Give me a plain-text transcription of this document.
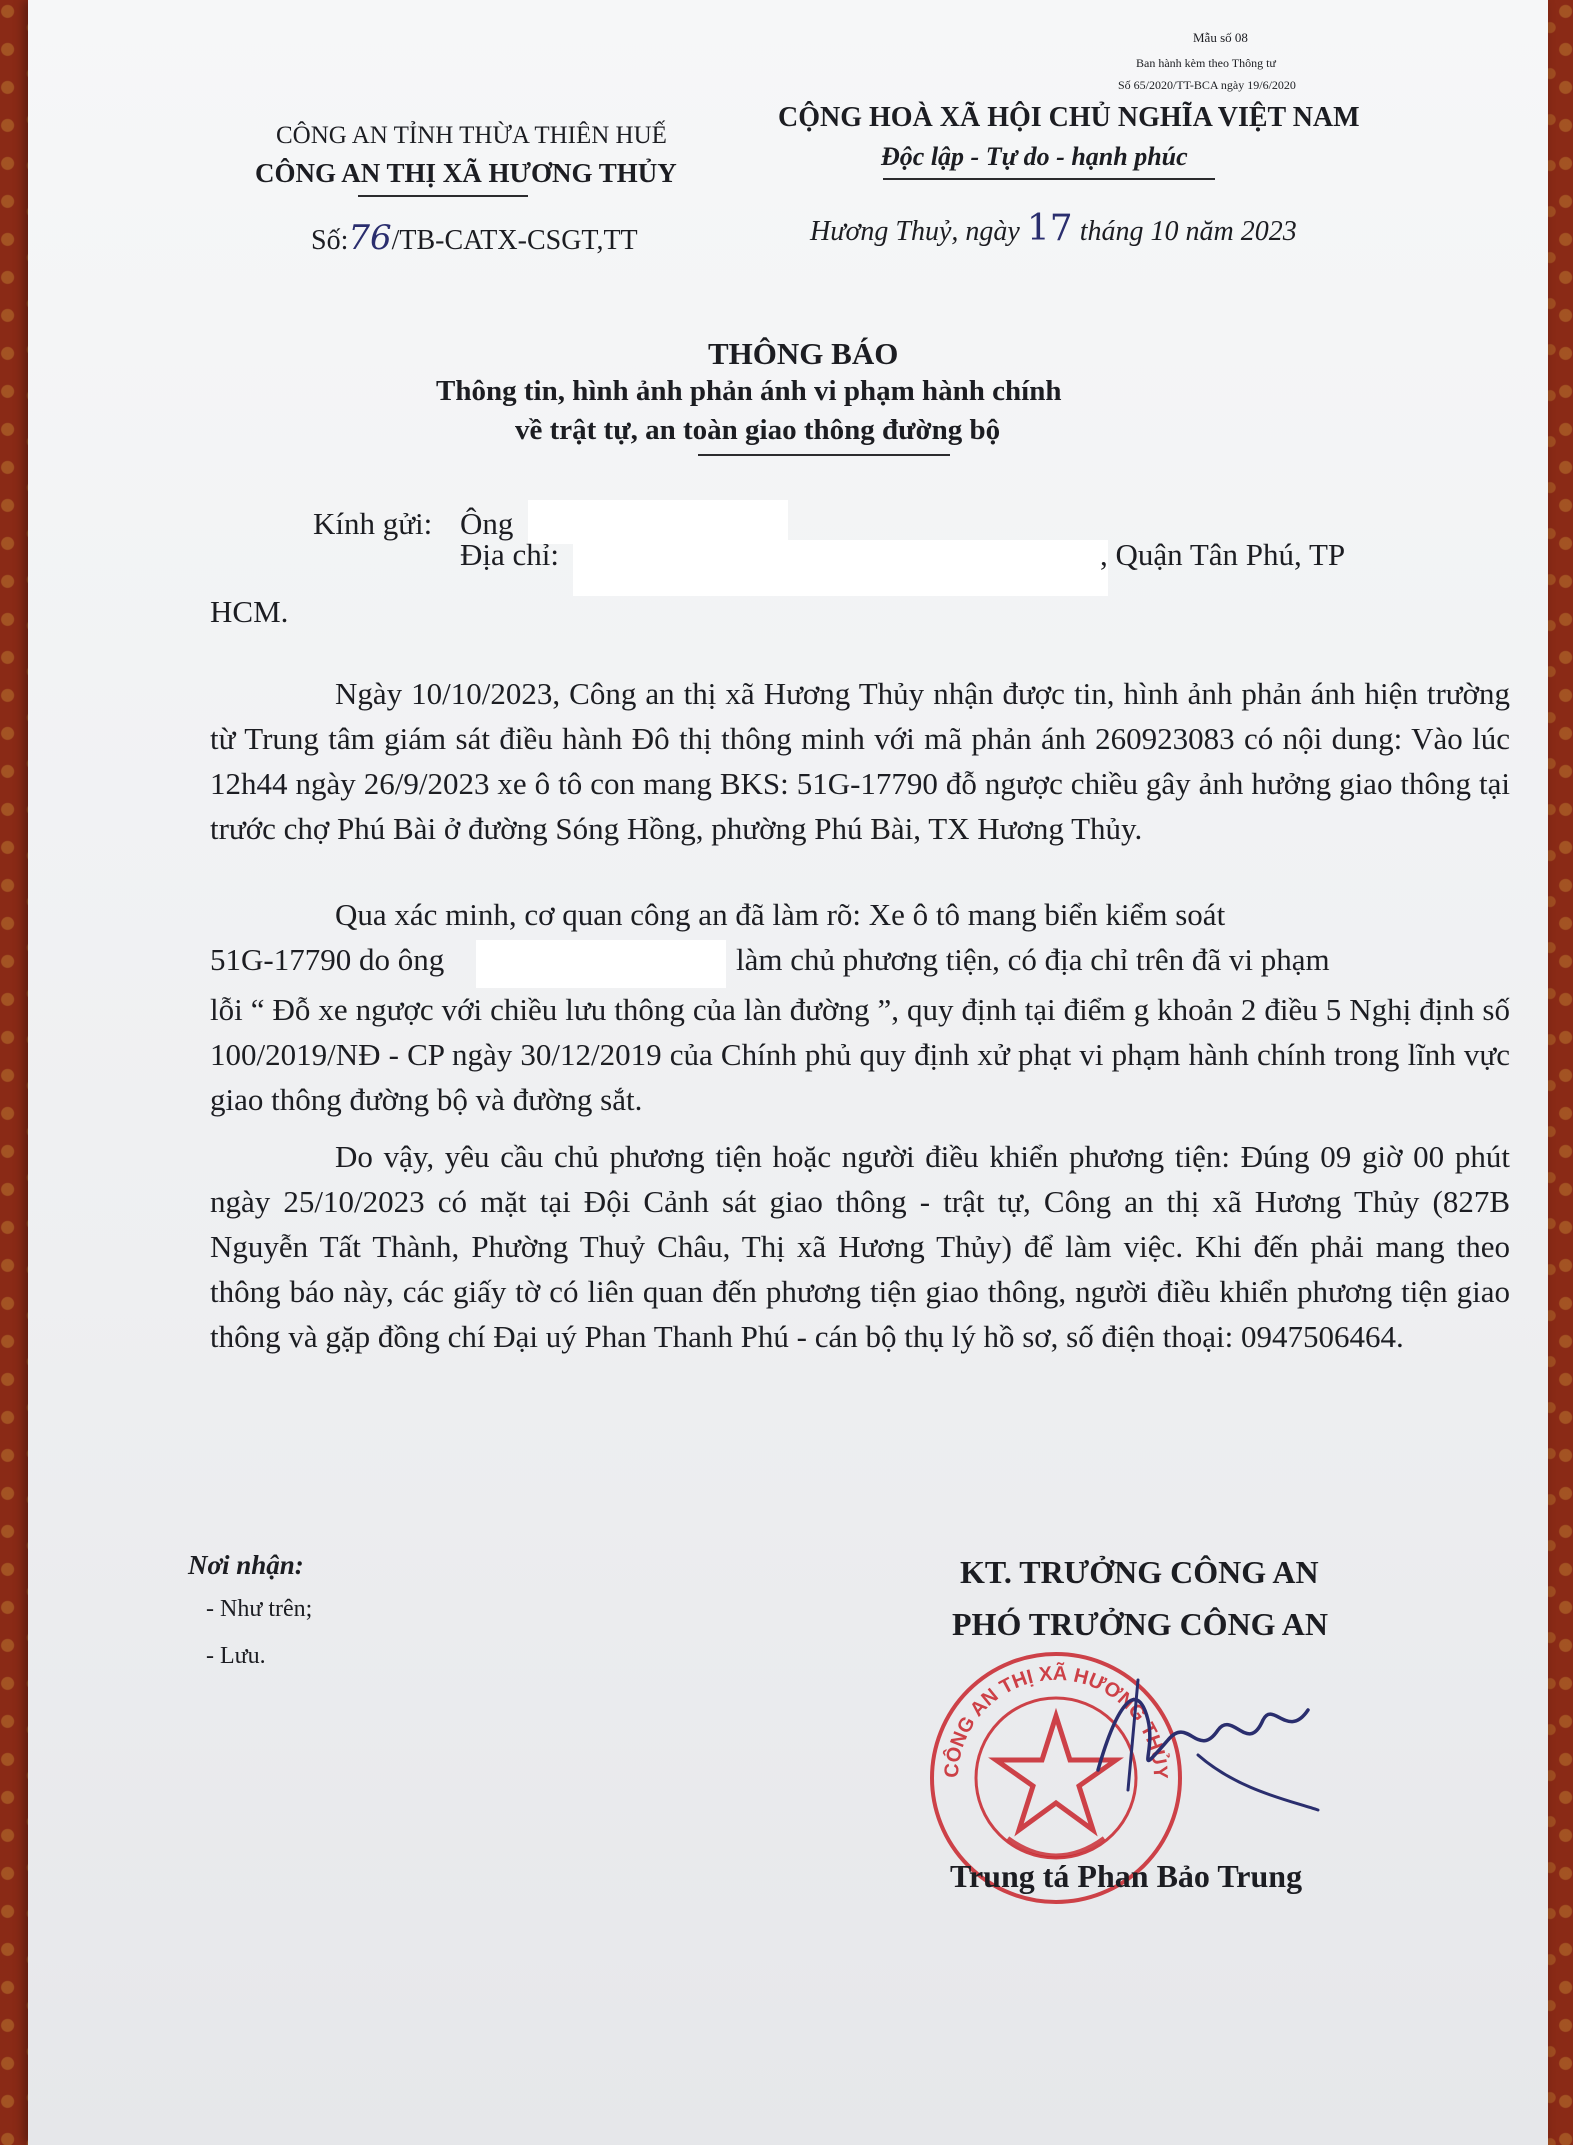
Mẫu số 08
Ban hành kèm theo Thông tư
Số 65/2020/TT-BCA ngày 19/6/2020
CÔNG AN TỈNH THỪA THIÊN HUẾ
CÔNG AN THỊ XÃ HƯƠNG THỦY
CỘNG HOÀ XÃ HỘI CHỦ NGHĨA VIỆT NAM
Độc lập - Tự do - hạnh phúc
Số:76/TB-CATX-CSGT,TT	Hương Thuỷ, ngày 17 tháng 10 năm 2023
THÔNG BÁO
Thông tin, hình ảnh phản ánh vi phạm hành chính
về trật tự, an toàn giao thông đường bộ
Kính gửi: Ông
Địa chỉ:	, Quận Tân Phú, TP
HCM.

Ngày 10/10/2023, Công an thị xã Hương Thủy nhận được tin, hình ảnh phản ánh hiện trường từ Trung tâm giám sát điều hành Đô thị thông minh với mã phản ánh 260923083 có nội dung: Vào lúc 12h44 ngày 26/9/2023 xe ô tô con mang BKS: 51G-17790 đỗ ngược chiều gây ảnh hưởng giao thông tại trước chợ Phú Bài ở đường Sóng Hồng, phường Phú Bài, TX Hương Thủy.

Qua xác minh, cơ quan công an đã làm rõ: Xe ô tô mang biển kiểm soát
51G-17790 do ông	làm chủ phương tiện, có địa chỉ trên đã vi phạm

lỗi “ Đỗ xe ngược với chiều lưu thông của làn đường ”, quy định tại điểm g khoản 2 điều 5 Nghị định số 100/2019/NĐ - CP ngày 30/12/2019 của Chính phủ quy định xử phạt vi phạm hành chính trong lĩnh vực giao thông đường bộ và đường sắt.

Do vậy, yêu cầu chủ phương tiện hoặc người điều khiển phương tiện: Đúng 09 giờ 00 phút ngày 25/10/2023 có mặt tại Đội Cảnh sát giao thông - trật tự, Công an thị xã Hương Thủy (827B Nguyễn Tất Thành, Phường Thuỷ Châu, Thị xã Hương Thủy) để làm việc. Khi đến phải mang theo thông báo này, các giấy tờ có liên quan đến phương tiện giao thông, người điều khiển phương tiện giao thông và gặp đồng chí Đại uý Phan Thanh Phú - cán bộ thụ lý hồ sơ, số điện thoại: 0947506464.

Nơi nhận:
- Như trên;
- Lưu.
KT. TRƯỞNG CÔNG AN
PHÓ TRƯỞNG CÔNG AN
CÔNG AN THỊ XÃ HƯƠNG THỦY
Trung tá Phan Bảo Trung
